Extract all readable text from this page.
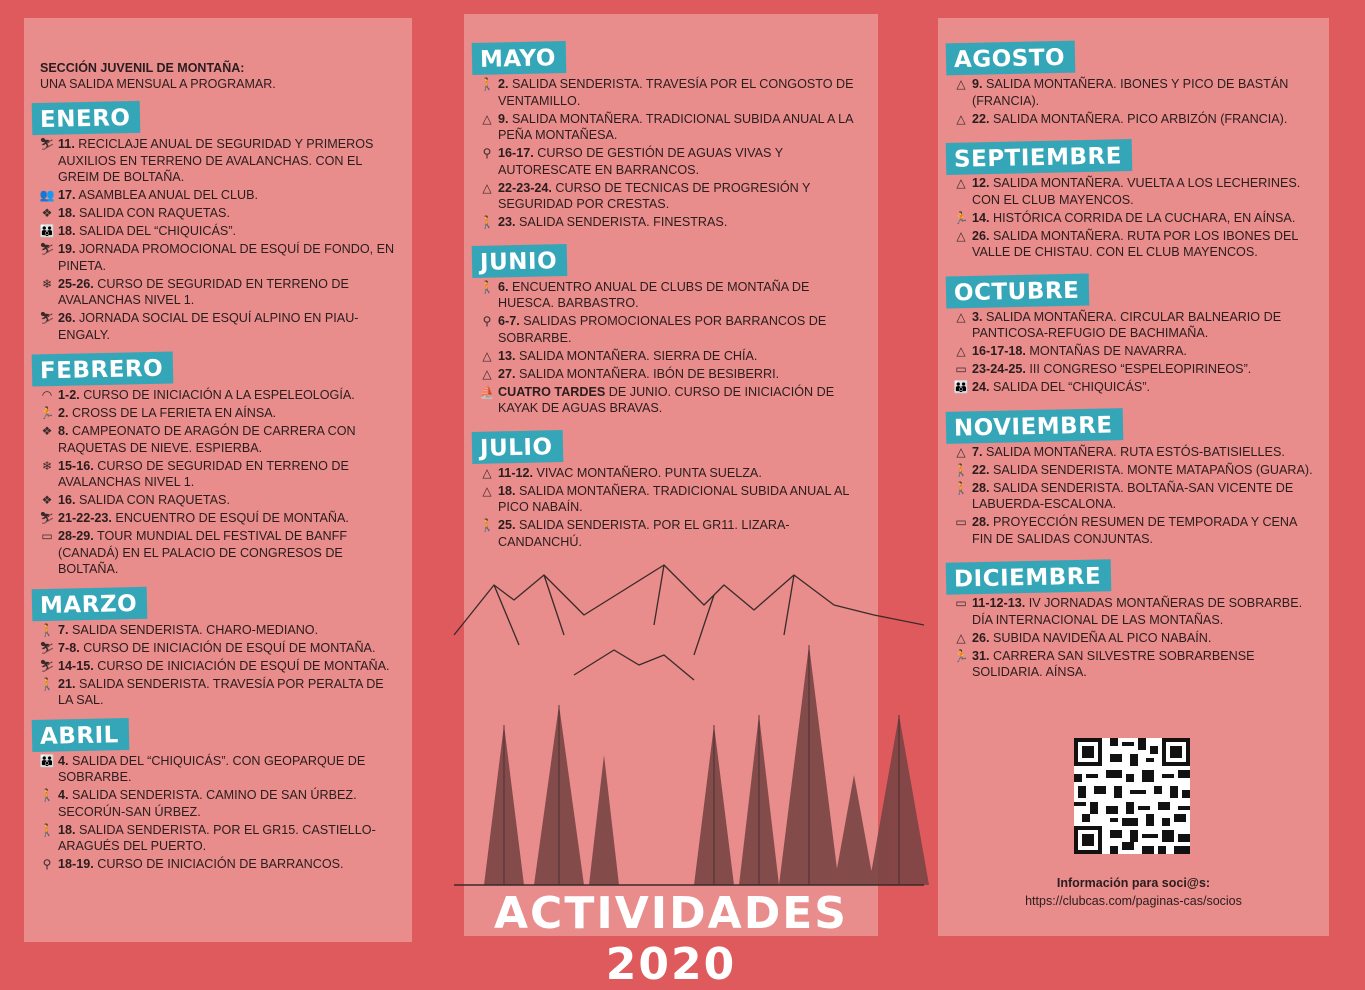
SECCIÓN JUVENIL DE MONTAÑA:
UNA SALIDA MENSUAL A PROGRAMAR.
ENERO
⛷ 11. RECICLAJE ANUAL DE SEGURIDAD Y PRIMEROS AUXILIOS EN TERRENO DE AVALANCHAS. CON EL GREIM DE BOLTAÑA.
👥 17. ASAMBLEA ANUAL DEL CLUB.
❖ 18. SALIDA CON RAQUETAS.
👪 18. SALIDA DEL “CHIQUICÁS”.
⛷ 19. JORNADA PROMOCIONAL DE ESQUÍ DE FONDO, EN PINETA.
❄ 25-26. CURSO DE SEGURIDAD EN TERRENO DE AVALANCHAS NIVEL 1.
⛷ 26. JORNADA SOCIAL DE ESQUÍ ALPINO EN PIAU-ENGALY.
FEBRERO
◠ 1-2. CURSO DE INICIACIÓN A LA ESPELEOLOGÍA.
🏃 2. CROSS DE LA FERIETA EN AÍNSA.
❖ 8. CAMPEONATO DE ARAGÓN DE CARRERA CON RAQUETAS DE NIEVE. ESPIERBA.
❄ 15-16. CURSO DE SEGURIDAD EN TERRENO DE AVALANCHAS NIVEL 1.
❖ 16. SALIDA CON RAQUETAS.
⛷ 21-22-23. ENCUENTRO DE ESQUÍ DE MONTAÑA.
▭ 28-29. TOUR MUNDIAL DEL FESTIVAL DE BANFF (CANADÁ) EN EL PALACIO DE CONGRESOS DE BOLTAÑA.
MARZO
🚶 7. SALIDA SENDERISTA. CHARO-MEDIANO.
⛷ 7-8. CURSO DE INICIACIÓN DE ESQUÍ DE MONTAÑA.
⛷ 14-15. CURSO DE INICIACIÓN DE ESQUÍ DE MONTAÑA.
🚶 21. SALIDA SENDERISTA. TRAVESÍA POR PERALTA DE LA SAL.
ABRIL
👪 4. SALIDA DEL “CHIQUICÁS”. CON GEOPARQUE DE SOBRARBE.
🚶 4. SALIDA SENDERISTA. CAMINO DE SAN ÚRBEZ. SECORÚN-SAN ÚRBEZ.
🚶 18. SALIDA SENDERISTA. POR EL GR15. CASTIELLO-ARAGUÉS DEL PUERTO.
⚲ 18-19. CURSO DE INICIACIÓN DE BARRANCOS.
MAYO
🚶 2. SALIDA SENDERISTA. TRAVESÍA POR EL CONGOSTO DE VENTAMILLO.
△ 9. SALIDA MONTAÑERA. TRADICIONAL SUBIDA ANUAL A LA PEÑA MONTAÑESA.
⚲ 16-17. CURSO DE GESTIÓN DE AGUAS VIVAS Y AUTORESCATE EN BARRANCOS.
△ 22-23-24. CURSO DE TECNICAS DE PROGRESIÓN Y SEGURIDAD POR CRESTAS.
🚶 23. SALIDA SENDERISTA. FINESTRAS.
JUNIO
🚶 6. ENCUENTRO ANUAL DE CLUBS DE MONTAÑA DE HUESCA. BARBASTRO.
⚲ 6-7. SALIDAS PROMOCIONALES POR BARRANCOS DE SOBRARBE.
△ 13. SALIDA MONTAÑERA. SIERRA DE CHÍA.
△ 27. SALIDA MONTAÑERA. IBÓN DE BESIBERRI.
⛵ CUATRO TARDES DE JUNIO. CURSO DE INICIACIÓN DE KAYAK DE AGUAS BRAVAS.
JULIO
△ 11-12. VIVAC MONTAÑERO. PUNTA SUELZA.
△ 18. SALIDA MONTAÑERA. TRADICIONAL SUBIDA ANUAL AL PICO NABAÍN.
🚶 25. SALIDA SENDERISTA. POR EL GR11. LIZARA-CANDANCHÚ.
AGOSTO
△ 9. SALIDA MONTAÑERA. IBONES Y PICO DE BASTÁN (FRANCIA).
△ 22. SALIDA MONTAÑERA. PICO ARBIZÓN (FRANCIA).
SEPTIEMBRE
△ 12. SALIDA MONTAÑERA. VUELTA A LOS LECHERINES. CON EL CLUB MAYENCOS.
🏃 14. HISTÓRICA CORRIDA DE LA CUCHARA, EN AÍNSA.
△ 26. SALIDA MONTAÑERA. RUTA POR LOS IBONES DEL VALLE DE CHISTAU. CON EL CLUB MAYENCOS.
OCTUBRE
△ 3. SALIDA MONTAÑERA. CIRCULAR BALNEARIO DE PANTICOSA-REFUGIO DE BACHIMAÑA.
△ 16-17-18. MONTAÑAS DE NAVARRA.
▭ 23-24-25. III CONGRESO “ESPELEOPIRINEOS”.
👪 24. SALIDA DEL “CHIQUICÁS”.
NOVIEMBRE
△ 7. SALIDA MONTAÑERA. RUTA ESTÓS-BATISIELLES.
🚶 22. SALIDA SENDERISTA. MONTE MATAPAÑOS (GUARA).
🚶 28. SALIDA SENDERISTA. BOLTAÑA-SAN VICENTE DE LABUERDA-ESCALONA.
▭ 28. PROYECCIÓN RESUMEN DE TEMPORADA Y CENA FIN DE SALIDAS CONJUNTAS.
DICIEMBRE
▭ 11-12-13. IV JORNADAS MONTAÑERAS DE SOBRARBE. DÍA INTERNACIONAL DE LAS MONTAÑAS.
△ 26. SUBIDA NAVIDEÑA AL PICO NABAÍN.
🏃 31. CARRERA SAN SILVESTRE SOBRARBENSE SOLIDARIA. AÍNSA.
ACTIVIDADES 2020
Información para soci@s:
https://clubcas.com/paginas-cas/socios
